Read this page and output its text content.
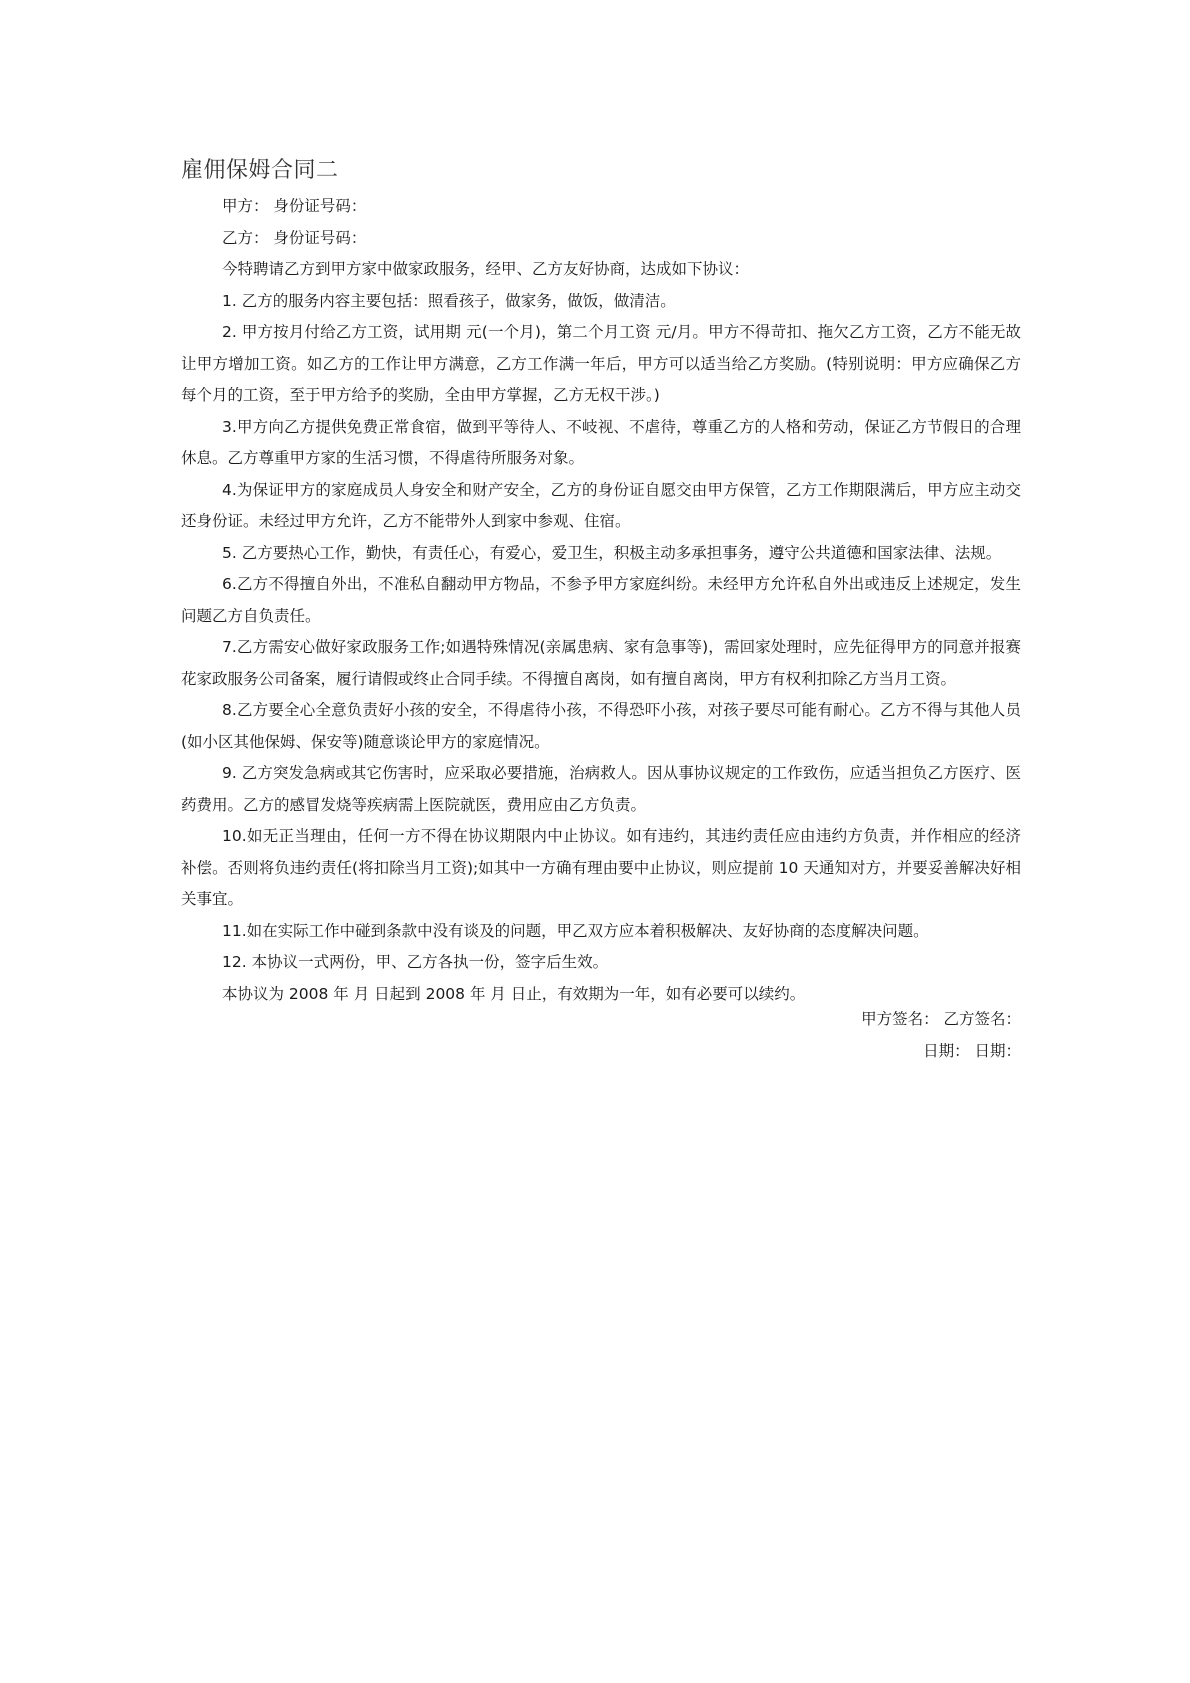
雇佣保姆合同二

甲方： 身份证号码：

乙方： 身份证号码：

今特聘请乙方到甲方家中做家政服务，经甲、乙方友好协商，达成如下协议：

1. 乙方的服务内容主要包括：照看孩子，做家务，做饭，做清洁。

2. 甲方按月付给乙方工资，试用期 元(一个月)，第二个月工资 元/月。甲方不得苛扣、拖欠乙方工资，乙方不能无故让甲方增加工资。如乙方的工作让甲方满意，乙方工作满一年后，甲方可以适当给乙方奖励。(特别说明：甲方应确保乙方每个月的工资，至于甲方给予的奖励，全由甲方掌握，乙方无权干涉。)

3.甲方向乙方提供免费正常食宿，做到平等待人、不岐视、不虐待，尊重乙方的人格和劳动，保证乙方节假日的合理休息。乙方尊重甲方家的生活习惯，不得虐待所服务对象。

4.为保证甲方的家庭成员人身安全和财产安全，乙方的身份证自愿交由甲方保管，乙方工作期限满后，甲方应主动交还身份证。未经过甲方允许，乙方不能带外人到家中参观、住宿。

5. 乙方要热心工作，勤快，有责任心，有爱心，爱卫生，积极主动多承担事务，遵守公共道德和国家法律、法规。

6.乙方不得擅自外出，不准私自翻动甲方物品，不参予甲方家庭纠纷。未经甲方允许私自外出或违反上述规定，发生问题乙方自负责任。

7.乙方需安心做好家政服务工作;如遇特殊情况(亲属患病、家有急事等)，需回家处理时，应先征得甲方的同意并报赛花家政服务公司备案，履行请假或终止合同手续。不得擅自离岗，如有擅自离岗，甲方有权利扣除乙方当月工资。

8.乙方要全心全意负责好小孩的安全，不得虐待小孩，不得恐吓小孩，对孩子要尽可能有耐心。乙方不得与其他人员(如小区其他保姆、保安等)随意谈论甲方的家庭情况。

9. 乙方突发急病或其它伤害时，应采取必要措施，治病救人。因从事协议规定的工作致伤，应适当担负乙方医疗、医药费用。乙方的感冒发烧等疾病需上医院就医，费用应由乙方负责。

10.如无正当理由，任何一方不得在协议期限内中止协议。如有违约，其违约责任应由违约方负责，并作相应的经济补偿。否则将负违约责任(将扣除当月工资);如其中一方确有理由要中止协议，则应提前 10 天通知对方，并要妥善解决好相关事宜。

11.如在实际工作中碰到条款中没有谈及的问题，甲乙双方应本着积极解决、友好协商的态度解决问题。

12. 本协议一式两份，甲、乙方各执一份，签字后生效。

本协议为 2008 年 月 日起到 2008 年 月 日止，有效期为一年，如有必要可以续约。

甲方签名： 乙方签名：
日期： 日期：
